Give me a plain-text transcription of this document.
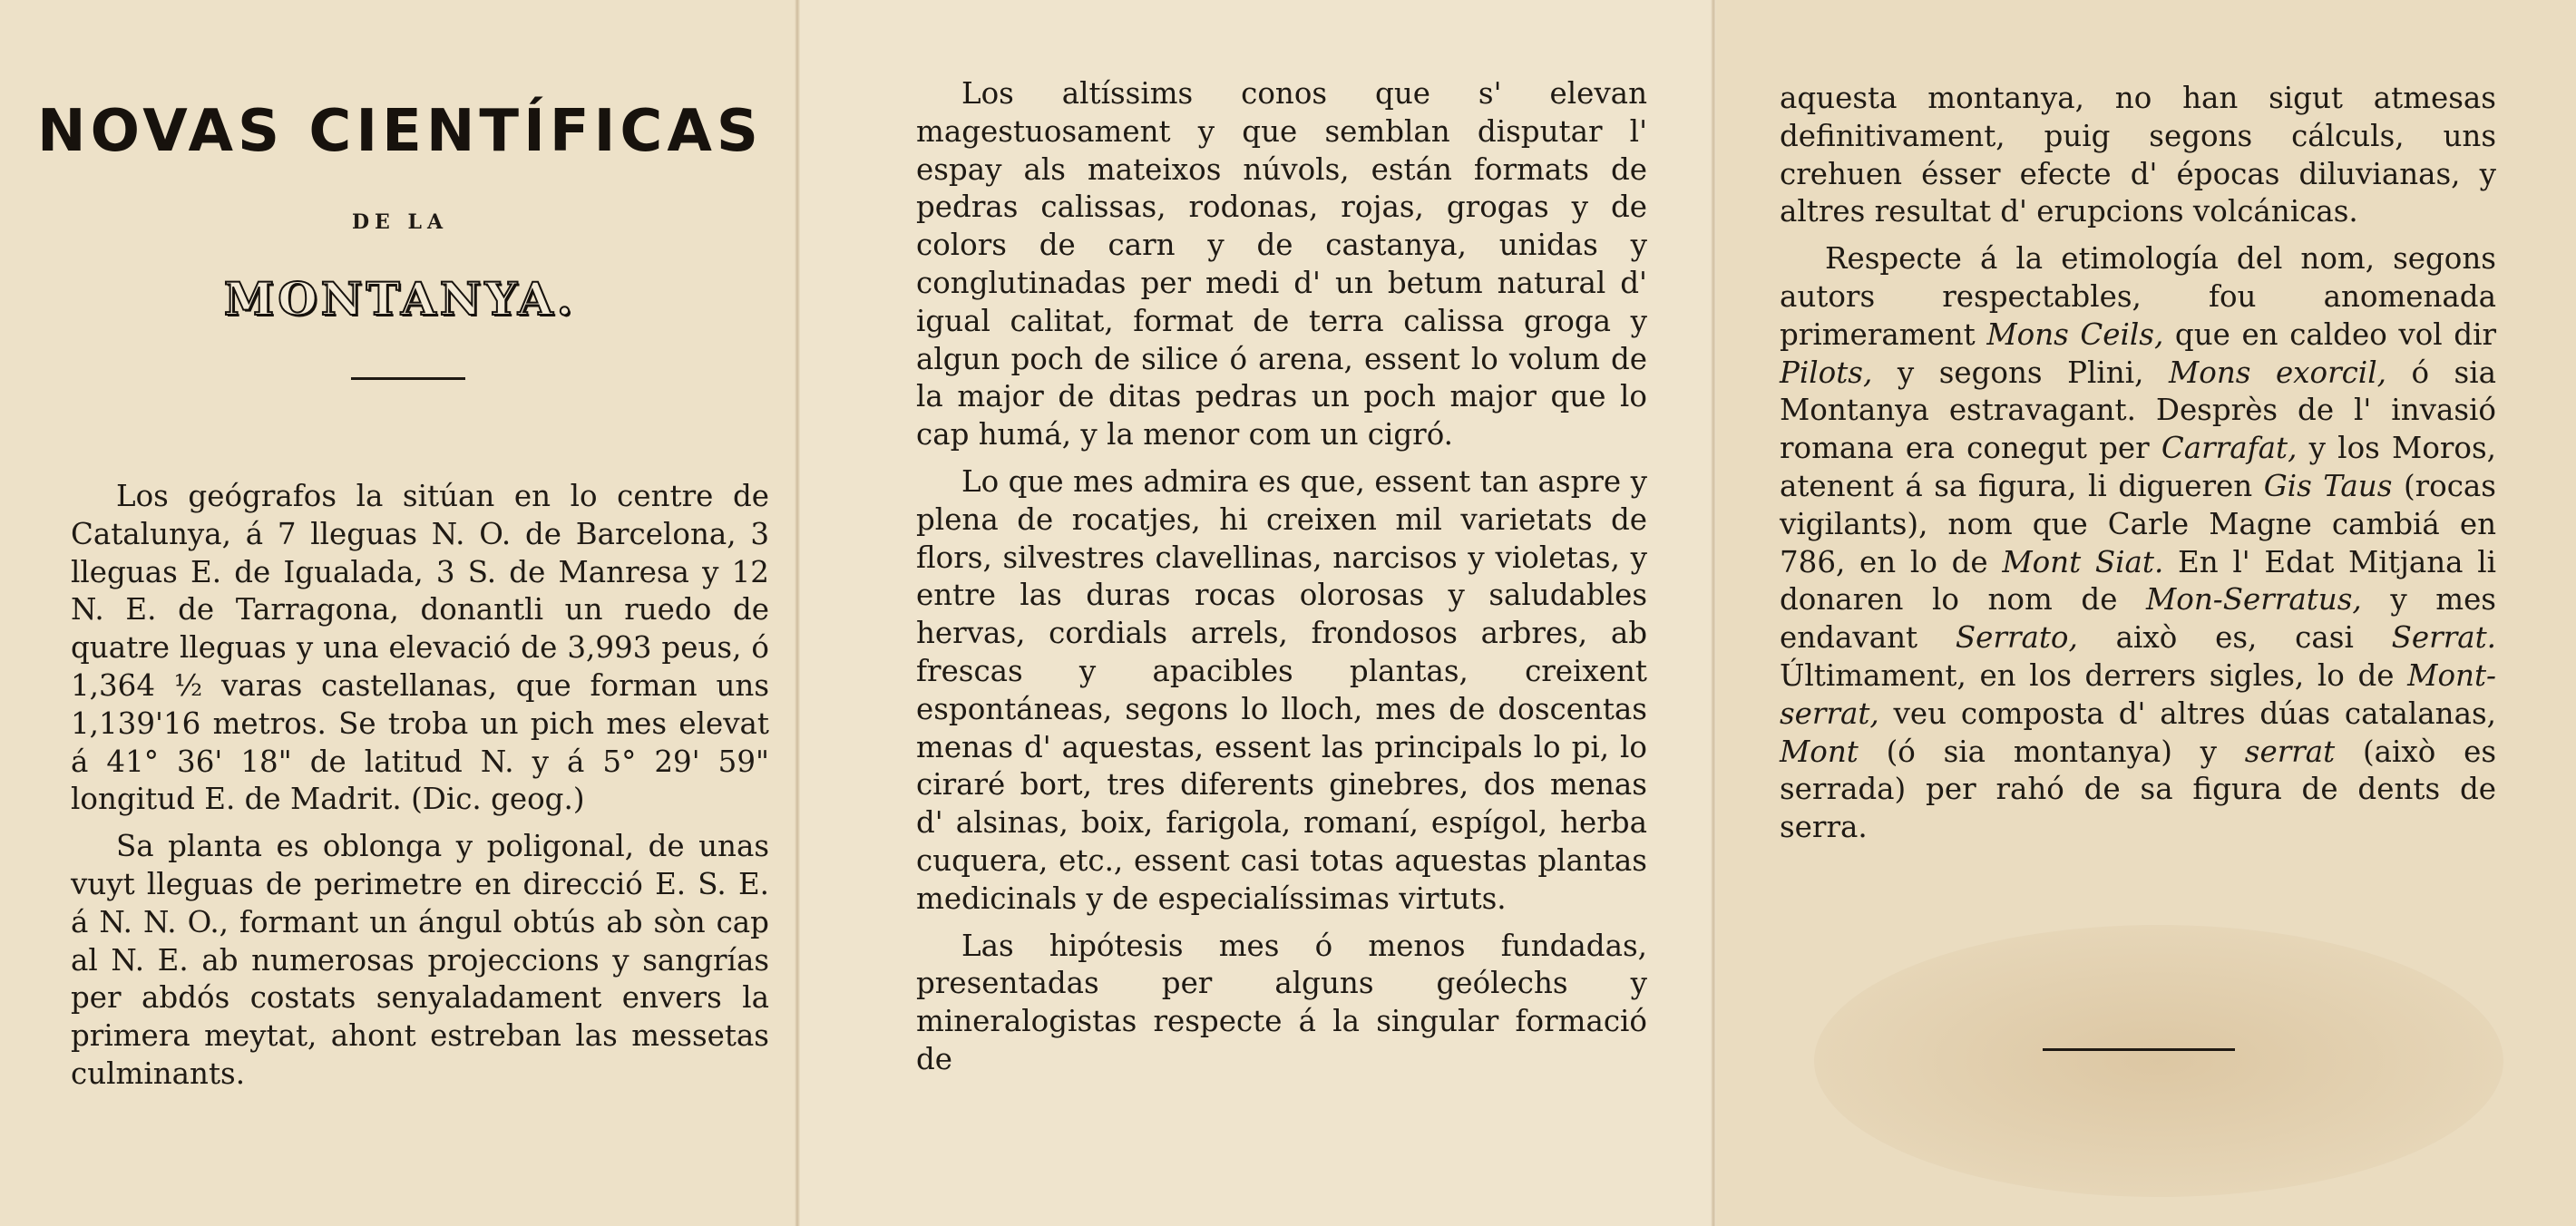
NOVAS CIENTÍFICAS
DE LA
MONTANYA.

Los geógrafos la sitúan en lo centre de Catalunya, á 7 lleguas N. O. de Barcelona, 3 lleguas E. de Igualada, 3 S. de Manresa y 12 N. E. de Tarragona, donantli un ruedo de quatre lleguas y una elevació de 3,993 peus, ó 1,364 ½ varas castellanas, que forman uns 1,139'16 metros. Se troba un pich mes elevat á 41° 36' 18" de latitud N. y á 5° 29' 59" longitud E. de Madrit. (Dic. geog.)

Sa planta es oblonga y poligonal, de unas vuyt lleguas de perimetre en direcció E. S. E. á N. N. O., formant un ángul obtús ab sòn cap al N. E. ab numerosas projeccions y sangrías per abdós costats senyaladament envers la primera meytat, ahont estreban las messetas culminants.

Los altíssims conos que s' elevan magestuosament y que semblan disputar l' espay als mateixos núvols, están formats de pedras calissas, rodonas, rojas, grogas y de colors de carn y de castanya, unidas y conglutinadas per medi d' un betum natural d' igual calitat, format de terra calissa groga y algun poch de silice ó arena, essent lo volum de la major de ditas pedras un poch major que lo cap humá, y la menor com un cigró.

Lo que mes admira es que, essent tan aspre y plena de rocatjes, hi creixen mil varietats de flors, silvestres clavellinas, narcisos y violetas, y entre las duras rocas olorosas y saludables hervas, cordials arrels, frondosos arbres, ab frescas y apacibles plantas, creixent espontáneas, segons lo lloch, mes de doscentas menas d' aquestas, essent las principals lo pi, lo ciraré bort, tres diferents ginebres, dos menas d' alsinas, boix, farigola, romaní, espígol, herba cuquera, etc., essent casi totas aquestas plantas medicinals y de especialíssimas virtuts.

Las hipótesis mes ó menos fundadas, presentadas per alguns geólechs y mineralogistas respecte á la singular formació de

aquesta montanya, no han sigut atmesas definitivament, puig segons cálculs, uns crehuen ésser efecte d' épocas diluvianas, y altres resultat d' erupcions volcánicas.

Respecte á la etimología del nom, segons autors respectables, fou anomenada primerament Mons Ceils, que en caldeo vol dir Pilots, y segons Plini, Mons exorcil, ó sia Montanya estravagant. Desprès de l' invasió romana era conegut per Carrafat, y los Moros, atenent á sa figura, li digueren Gis Taus (rocas vigilants), nom que Carle Magne cambiá en 786, en lo de Mont Siat. En l' Edat Mitjana li donaren lo nom de Mon-Serratus, y mes endavant Serrato, això es, casi Serrat. Últimament, en los derrers sigles, lo de Mont-serrat, veu composta d' altres dúas catalanas, Mont (ó sia montanya) y serrat (això es serrada) per rahó de sa figura de dents de serra.
